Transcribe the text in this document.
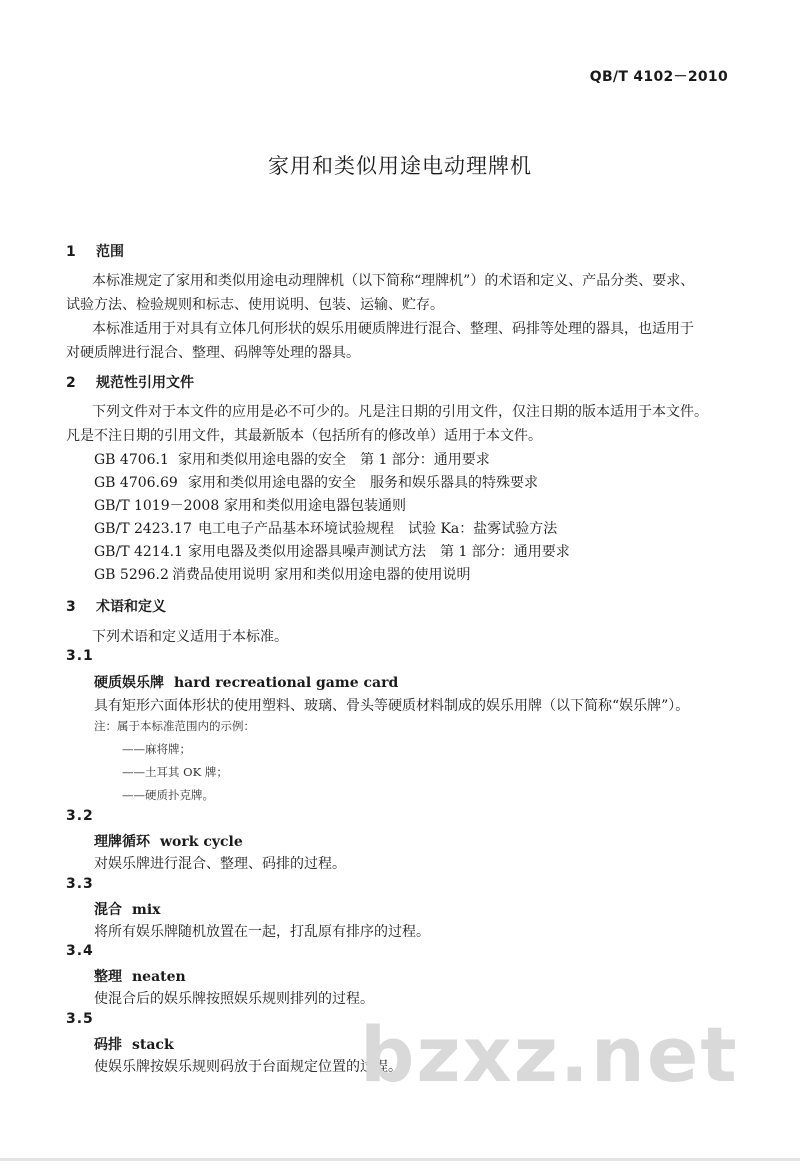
QB/T 4102－2010
家用和类似用途电动理牌机
1 范围
本标准规定了家用和类似用途电动理牌机（以下简称“理牌机”）的术语和定义、产品分类、要求、
试验方法、检验规则和标志、使用说明、包装、运输、贮存。
本标准适用于对具有立体几何形状的娱乐用硬质牌进行混合、整理、码排等处理的器具，也适用于
对硬质牌进行混合、整理、码牌等处理的器具。
2 规范性引用文件
下列文件对于本文件的应用是必不可少的。凡是注日期的引用文件，仅注日期的版本适用于本文件。
凡是不注日期的引用文件，其最新版本（包括所有的修改单）适用于本文件。
GB 4706.1 家用和类似用途电器的安全　第 1 部分：通用要求
GB 4706.69 家用和类似用途电器的安全　服务和娱乐器具的特殊要求
GB/T 1019－2008 家用和类似用途电器包装通则
GB/T 2423.17 电工电子产品基本环境试验规程　试验 Ka：盐雾试验方法
GB/T 4214.1 家用电器及类似用途器具噪声测试方法　第 1 部分：通用要求
GB 5296.2 消费品使用说明 家用和类似用途电器的使用说明
3 术语和定义
下列术语和定义适用于本标准。
3.1
硬质娱乐牌 hard recreational game card
具有矩形六面体形状的使用塑料、玻璃、骨头等硬质材料制成的娱乐用牌（以下简称“娱乐牌”）。
注：属于本标准范围内的示例：
——麻将牌；
——土耳其 OK 牌；
——硬质扑克牌。
3.2
理牌循环 work cycle
对娱乐牌进行混合、整理、码排的过程。
3.3
混合 mix
将所有娱乐牌随机放置在一起，打乱原有排序的过程。
3.4
整理 neaten
使混合后的娱乐牌按照娱乐规则排列的过程。
3.5
码排 stack
使娱乐牌按娱乐规则码放于台面规定位置的过程。
bzxz.net
